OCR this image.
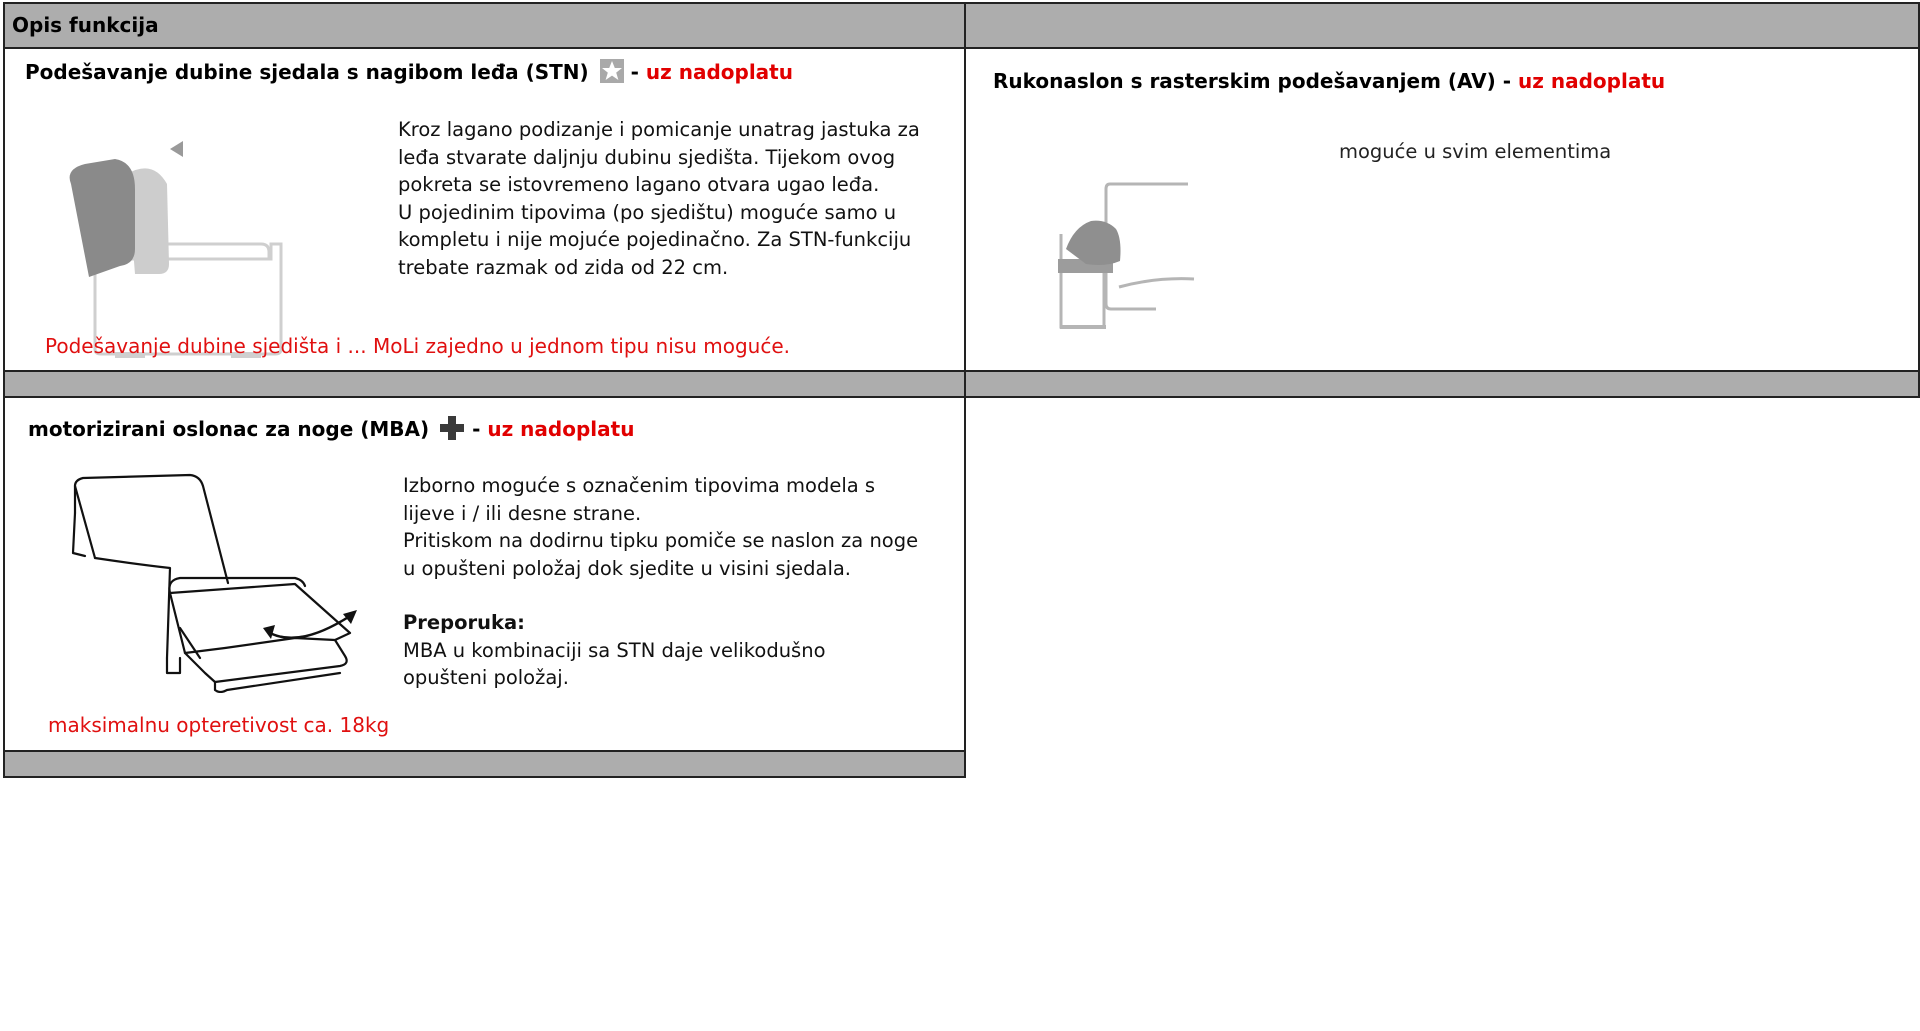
Opis funkcija
Podešavanje dubine sjedala s nagibom leđa (STN)  - uz nadoplatu

Kroz lagano podizanje i pomicanje unatrag jastuka za

leđa stvarate daljnju dubinu sjedišta. Tijekom ovog

pokreta se istovremeno lagano otvara ugao leđa.

U pojedinim tipovima (po sjedištu) moguće samo u

kompletu i nije mojuće pojedinačno. Za STN-funkciju

trebate razmak od zida od 22 cm.

Podešavanje dubine sjedišta i ... MoLi zajedno u jednom tipu nisu moguće.
Rukonaslon s rasterskim podešavanjem (AV) - uz nadoplatu
moguće u svim elementima
motorizirani oslonac za noge (MBA)  - uz nadoplatu

Izborno moguće s označenim tipovima modela s

lijeve i / ili desne strane.

Pritiskom na dodirnu tipku pomiče se naslon za noge

u opušteni položaj dok sjedite u visini sjedala.

Preporuka:

MBA u kombinaciji sa STN daje velikodušno

opušteni položaj.

maksimalnu opteretivost ca. 18kg
